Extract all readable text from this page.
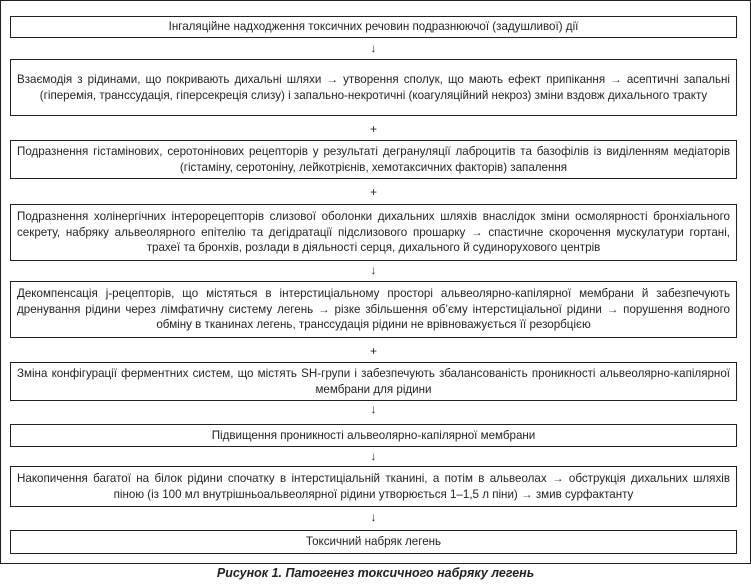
Інгаляційне надходження токсичних речовин подразнюючої (задушливої) дії
↓
Взаємодія з рідинами, що покривають дихальні шляхи → утворення сполук, що мають ефект припікання → асептичні запальні (гіперемія, транссудація, гіперсекреція слизу) і запально-некротичні (коагуляційний некроз) зміни вздовж дихального тракту
+
Подразнення гістамінових, серотонінових рецепторів у результаті дегрануляції лаброцитів та базофілів із виділенням медіаторів (гістаміну, серотоніну, лейкотрієнів, хемотаксичних факторів) запалення
+
Подразнення холінергічних інтерорецепторів слизової оболонки дихальних шляхів внаслідок зміни осмолярності бронхіального секрету, набряку альвеолярного епітелію та дегідратації підслизового прошарку → спастичне скорочення мускулатури гортані, трахеї та бронхів, розлади в діяльності серця, дихального й судинорухового центрів
↓
Декомпенсація j-рецепторів, що містяться в інтерстиціальному просторі альвеолярно-капілярної мембрани й забезпечують дренування рідини через лімфатичну систему легень → різке збільшення об’єму інтерстиціальної рідини → порушення водного обміну в тканинах легень, транссудація рідини не врівноважується її резорбцією
+
Зміна конфігурації ферментних систем, що містять SH-групи і забезпечують збалансованість проникності альвеолярно-капілярної мембрани для рідини
↓
Підвищення проникності альвеолярно-капілярної мембрани
↓
Накопичення багатої на білок рідини спочатку в інтерстиціальній тканині, а потім в альвеолах → обструкція дихальних шляхів піною (із 100 мл внутрішньоальвеолярної рідини утворюється 1–1,5 л піни) → змив сурфактанту
↓
Токсичний набряк легень
Рисунок 1. Патогенез токсичного набряку легень
